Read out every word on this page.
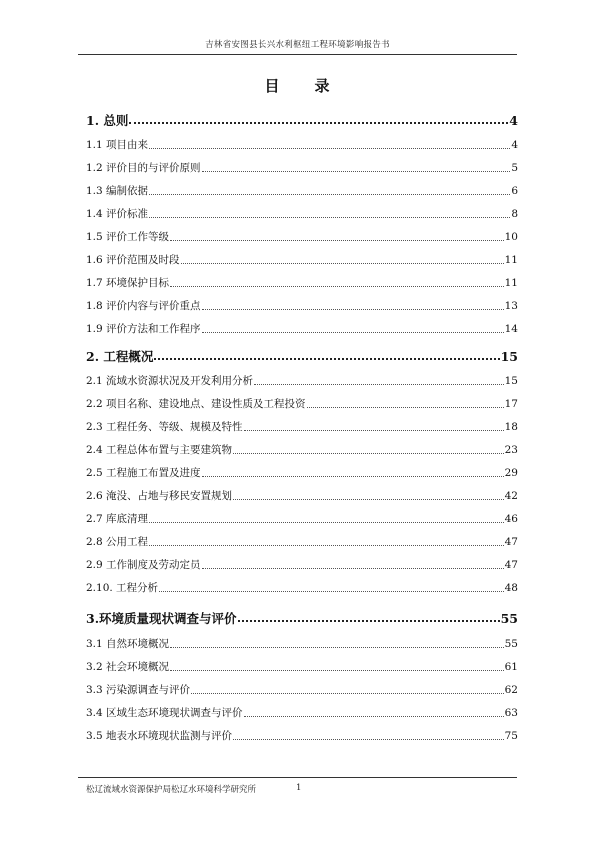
吉林省安图县长兴水利枢纽工程环境影响报告书
目 录
1. 总则	4
1.1 项目由来	4
1.2 评价目的与评价原则	5
1.3 编制依据	6
1.4 评价标准	8
1.5 评价工作等级	10
1.6 评价范围及时段	11
1.7 环境保护目标	11
1.8 评价内容与评价重点	13
1.9 评价方法和工作程序	14
2. 工程概况	15
2.1 流域水资源状况及开发利用分析	15
2.2 项目名称、建设地点、建设性质及工程投资	17
2.3 工程任务、等级、规模及特性	18
2.4 工程总体布置与主要建筑物	23
2.5 工程施工布置及进度	29
2.6 淹没、占地与移民安置规划	42
2.7 库底清理	46
2.8 公用工程	47
2.9 工作制度及劳动定员	47
2.10. 工程分析	48
3.环境质量现状调查与评价	55
3.1 自然环境概况	55
3.2 社会环境概况	61
3.3 污染源调查与评价	62
3.4 区域生态环境现状调查与评价	63
3.5 地表水环境现状监测与评价	75
松辽流域水资源保护局松辽水环境科学研究所	1
